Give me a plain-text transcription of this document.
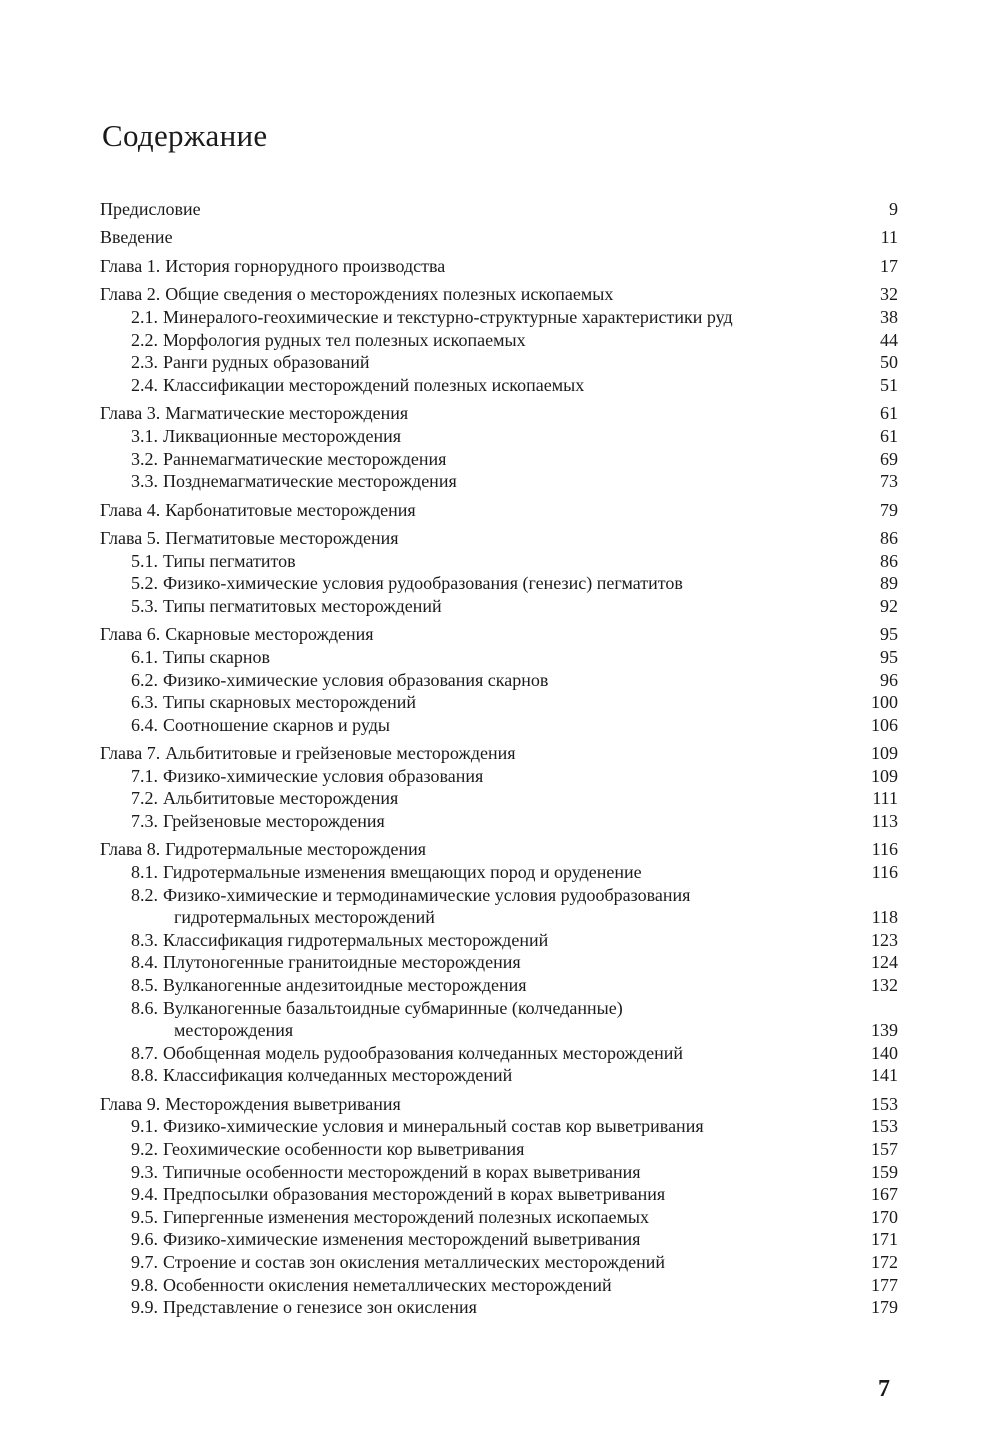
Содержание
Предисловие	9
Введение	11
Глава 1. История горнорудного производства	17
Глава 2. Общие сведения о месторождениях полезных ископаемых	32
2.1. Минералого-геохимические и текстурно-структурные характеристики руд	38
2.2. Морфология рудных тел полезных ископаемых	44
2.3. Ранги рудных образований	50
2.4. Классификации месторождений полезных ископаемых	51
Глава 3. Магматические месторождения	61
3.1. Ликвационные месторождения	61
3.2. Раннемагматические месторождения	69
3.3. Позднемагматические месторождения	73
Глава 4. Карбонатитовые месторождения	79
Глава 5. Пегматитовые месторождения	86
5.1. Типы пегматитов	86
5.2. Физико-химические условия рудообразования (генезис) пегматитов	89
5.3. Типы пегматитовых месторождений	92
Глава 6. Скарновые месторождения	95
6.1. Типы скарнов	95
6.2. Физико-химические условия образования скарнов	96
6.3. Типы скарновых месторождений	100
6.4. Соотношение скарнов и руды	106
Глава 7. Альбититовые и грейзеновые месторождения	109
7.1. Физико-химические условия образования	109
7.2. Альбититовые месторождения	111
7.3. Грейзеновые месторождения	113
Глава 8. Гидротермальные месторождения	116
8.1. Гидротермальные изменения вмещающих пород и оруденение	116
8.2. Физико-химические и термодинамические условия рудообразования
гидротермальных месторождений	118
8.3. Классификация гидротермальных месторождений	123
8.4. Плутоногенные гранитоидные месторождения	124
8.5. Вулканогенные андезитоидные месторождения	132
8.6. Вулканогенные базальтоидные субмаринные (колчеданные)
месторождения	139
8.7. Обобщенная модель рудообразования колчеданных месторождений	140
8.8. Классификация колчеданных месторождений	141
Глава 9. Месторождения выветривания	153
9.1. Физико-химические условия и минеральный состав кор выветривания	153
9.2. Геохимические особенности кор выветривания	157
9.3. Типичные особенности месторождений в корах выветривания	159
9.4. Предпосылки образования месторождений в корах выветривания	167
9.5. Гипергенные изменения месторождений полезных ископаемых	170
9.6. Физико-химические изменения месторождений выветривания	171
9.7. Строение и состав зон окисления металлических месторождений	172
9.8. Особенности окисления неметаллических месторождений	177
9.9. Представление о генезисе зон окисления	179
7
